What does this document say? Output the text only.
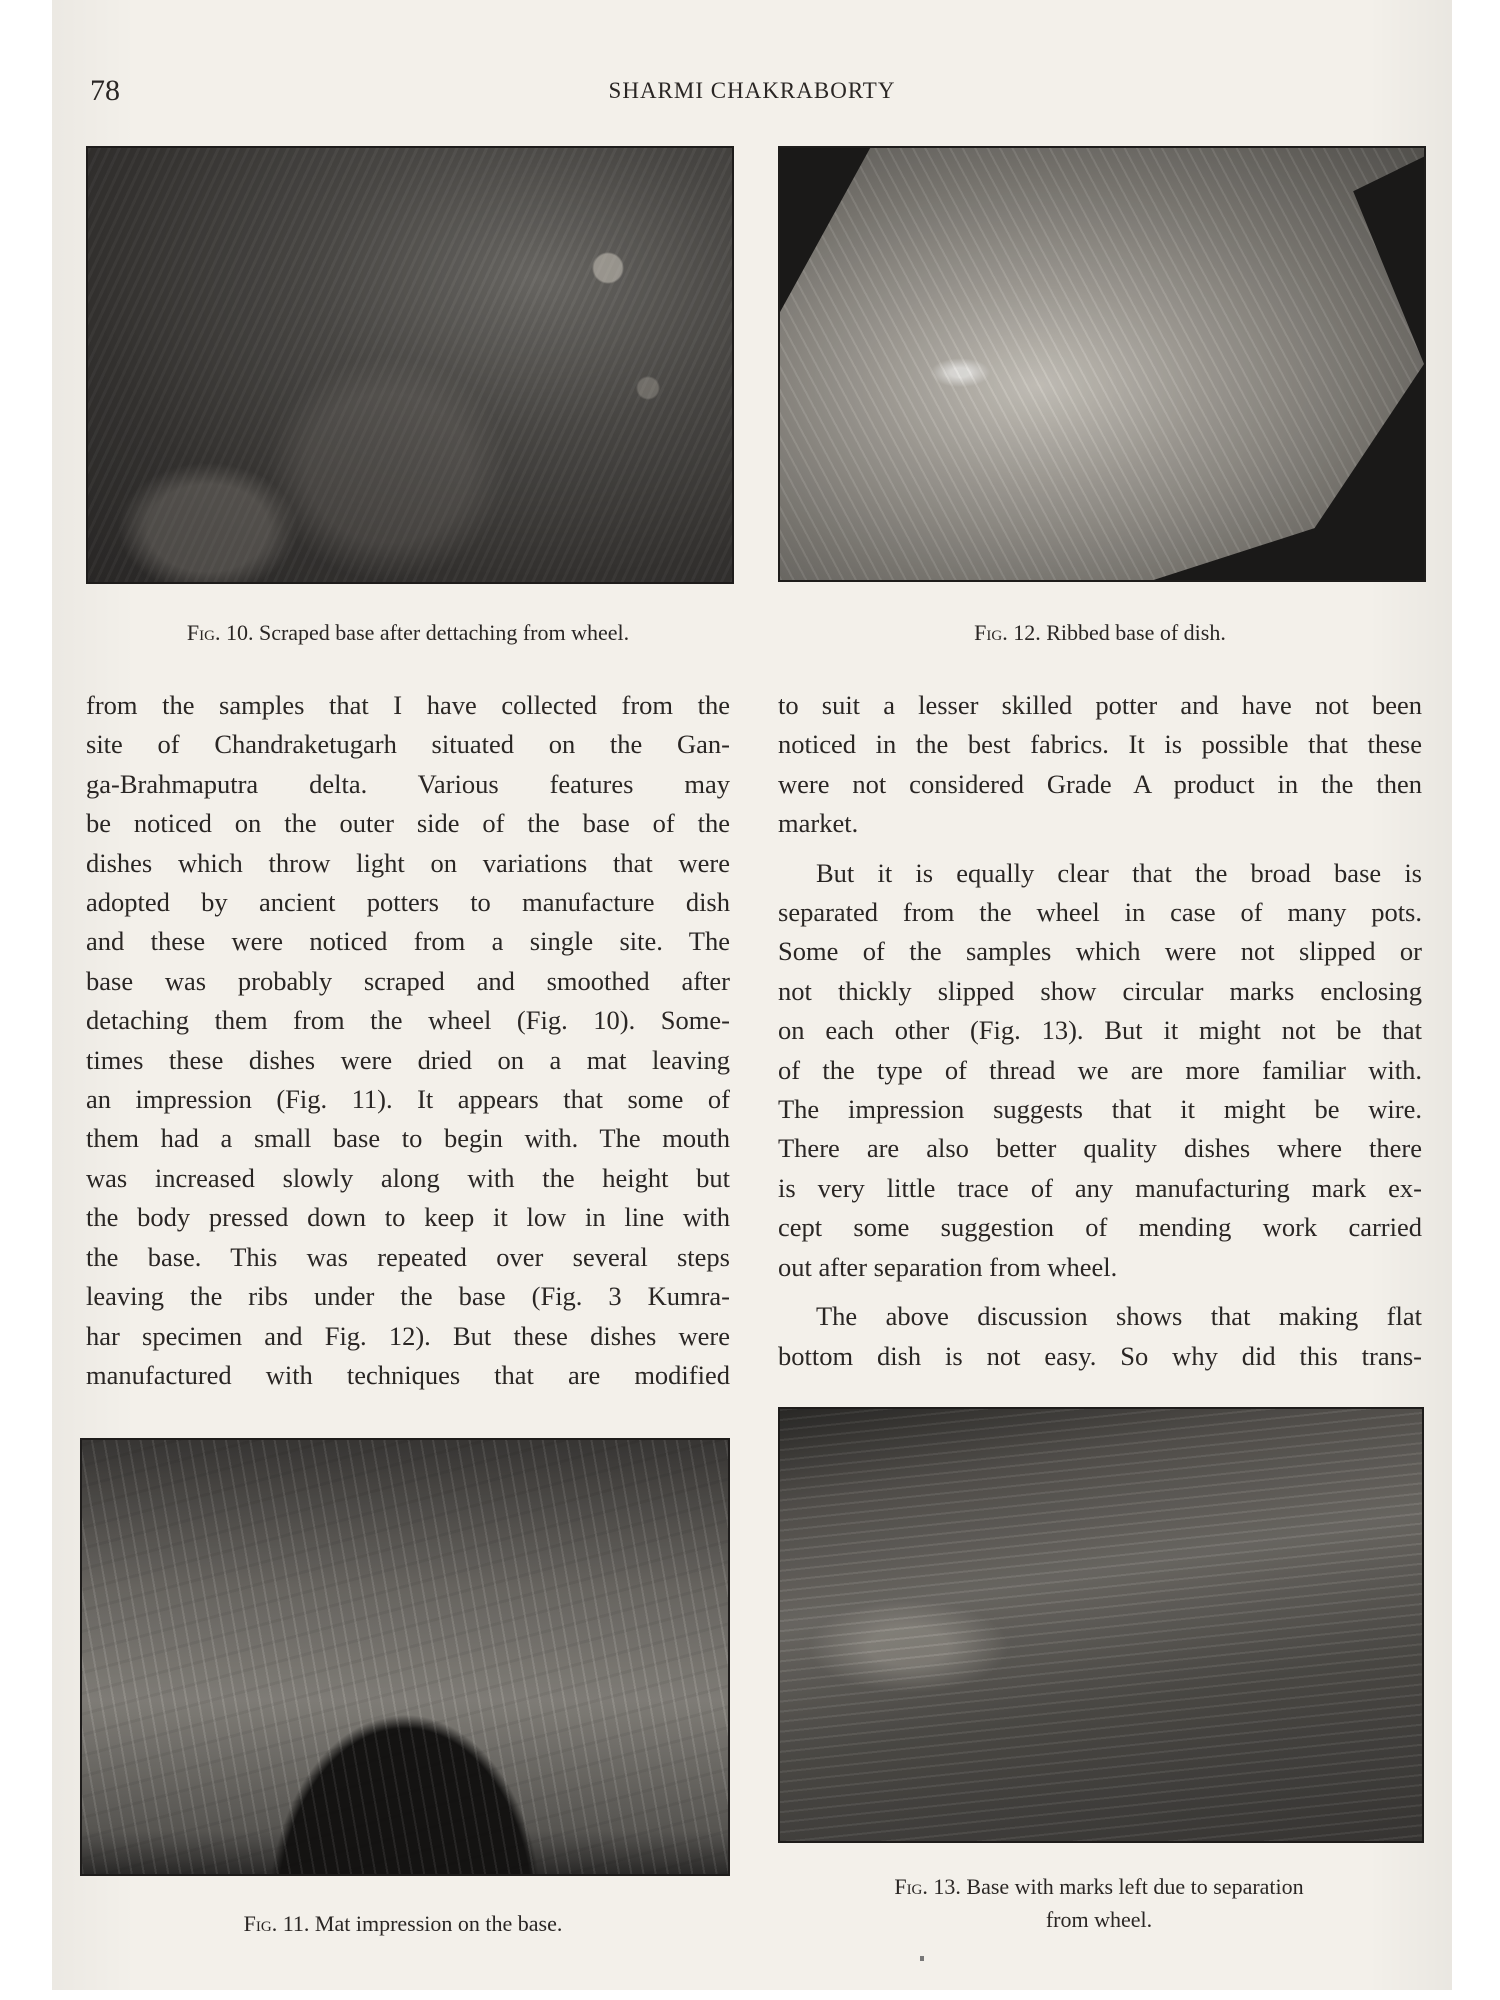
78	SHARMI CHAKRABORTY
Fig. 10. Scraped base after dettaching from wheel.	Fig. 12. Ribbed base of dish.
from the samples that I have collected from the
site of Chandraketugarh situated on the Gan-
ga-Brahmaputra delta. Various features may
be noticed on the outer side of the base of the
dishes which throw light on variations that were
adopted by ancient potters to manufacture dish
and these were noticed from a single site. The
base was probably scraped and smoothed after
detaching them from the wheel (Fig. 10). Some-
times these dishes were dried on a mat leaving
an impression (Fig. 11). It appears that some of
them had a small base to begin with. The mouth
was increased slowly along with the height but
the body pressed down to keep it low in line with
the base. This was repeated over several steps
leaving the ribs under the base (Fig. 3 Kumra-
har specimen and Fig. 12). But these dishes were
manufactured with techniques that are modified
to suit a lesser skilled potter and have not been
noticed in the best fabrics. It is possible that these
were not considered Grade A product in the then
market.
But it is equally clear that the broad base is
separated from the wheel in case of many pots.
Some of the samples which were not slipped or
not thickly slipped show circular marks enclosing
on each other (Fig. 13). But it might not be that
of the type of thread we are more familiar with.
The impression suggests that it might be wire.
There are also better quality dishes where there
is very little trace of any manufacturing mark ex-
cept some suggestion of mending work carried
out after separation from wheel.
The above discussion shows that making flat
bottom dish is not easy. So why did this trans-
Fig. 11. Mat impression on the base.
Fig. 13. Base with marks left due to separation
from wheel.
